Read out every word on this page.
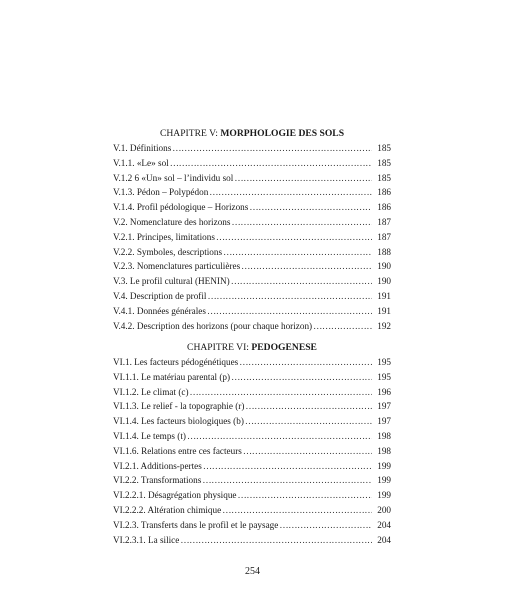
CHAPITRE V: MORPHOLOGIE DES SOLS
V.1. Définitions …………………………………………………………………………………………………………	185
V.1.1. «Le» sol …………………………………………………………………………………………………………	185
V.1.2 6 «Un» sol – l’individu sol …………………………………………………………………………………………………………	185
V.1.3. Pédon – Polypédon …………………………………………………………………………………………………………	186
V.1.4. Profil pédologique – Horizons …………………………………………………………………………………………………………	186
V.2. Nomenclature des horizons …………………………………………………………………………………………………………	187
V.2.1. Principes, limitations …………………………………………………………………………………………………………	187
V.2.2. Symboles, descriptions …………………………………………………………………………………………………………	188
V.2.3. Nomenclatures particulières …………………………………………………………………………………………………………	190
V.3. Le profil cultural (HENIN) …………………………………………………………………………………………………………	190
V.4. Description de profil …………………………………………………………………………………………………………	191
V.4.1. Données générales …………………………………………………………………………………………………………	191
V.4.2. Description des horizons (pour chaque horizon) …………………………………………………………………………………………………………	192
CHAPITRE VI: PEDOGENESE
VI.1. Les facteurs pédogénétiques …………………………………………………………………………………………………………	195
VI.1.1. Le matériau parental (p) …………………………………………………………………………………………………………	195
VI.1.2. Le climat (c) …………………………………………………………………………………………………………	196
VI.1.3. Le relief - la topographie (r) …………………………………………………………………………………………………………	197
VI.1.4. Les facteurs biologiques (b) …………………………………………………………………………………………………………	197
VI.1.4. Le temps (t) …………………………………………………………………………………………………………	198
VI.1.6. Relations entre ces facteurs …………………………………………………………………………………………………………	198
VI.2.1. Additions-pertes …………………………………………………………………………………………………………	199
VI.2.2. Transformations …………………………………………………………………………………………………………	199
VI.2.2.1. Désagrégation physique …………………………………………………………………………………………………………	199
VI.2.2.2. Altération chimique …………………………………………………………………………………………………………	200
VI.2.3. Transferts dans le profil et le paysage …………………………………………………………………………………………………………	204
VI.2.3.1. La silice …………………………………………………………………………………………………………	204
254
